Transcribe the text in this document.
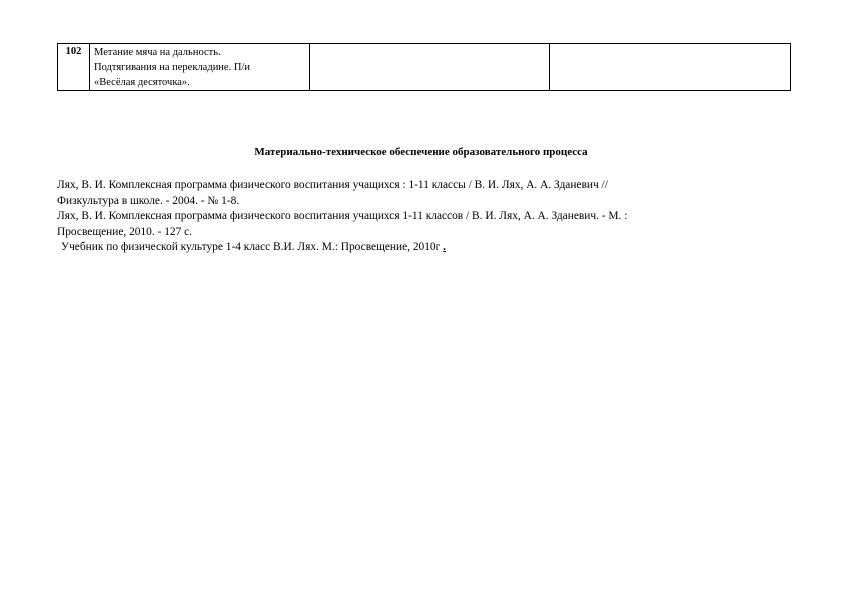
102	Метание мяча на дальность.
Подтягивания на перекладине. П/и
«Весёлая десяточка».

Материально-техническое обеспечение образовательного процесса
Лях, В. И. Комплексная программа физического воспитания учащихся : 1-11 классы / В. И. Лях, А. А. Зданевич //
Физкультура в школе. - 2004. - № 1-8.
Лях, В. И. Комплексная программа физического воспитания учащихся 1-11 классов / В. И. Лях, А. А. Зданевич. - М. :
Просвещение, 2010. - 127 с.
Учебник по физической культуре 1-4 класс В.И. Лях. М.: Просвещение, 2010г .
